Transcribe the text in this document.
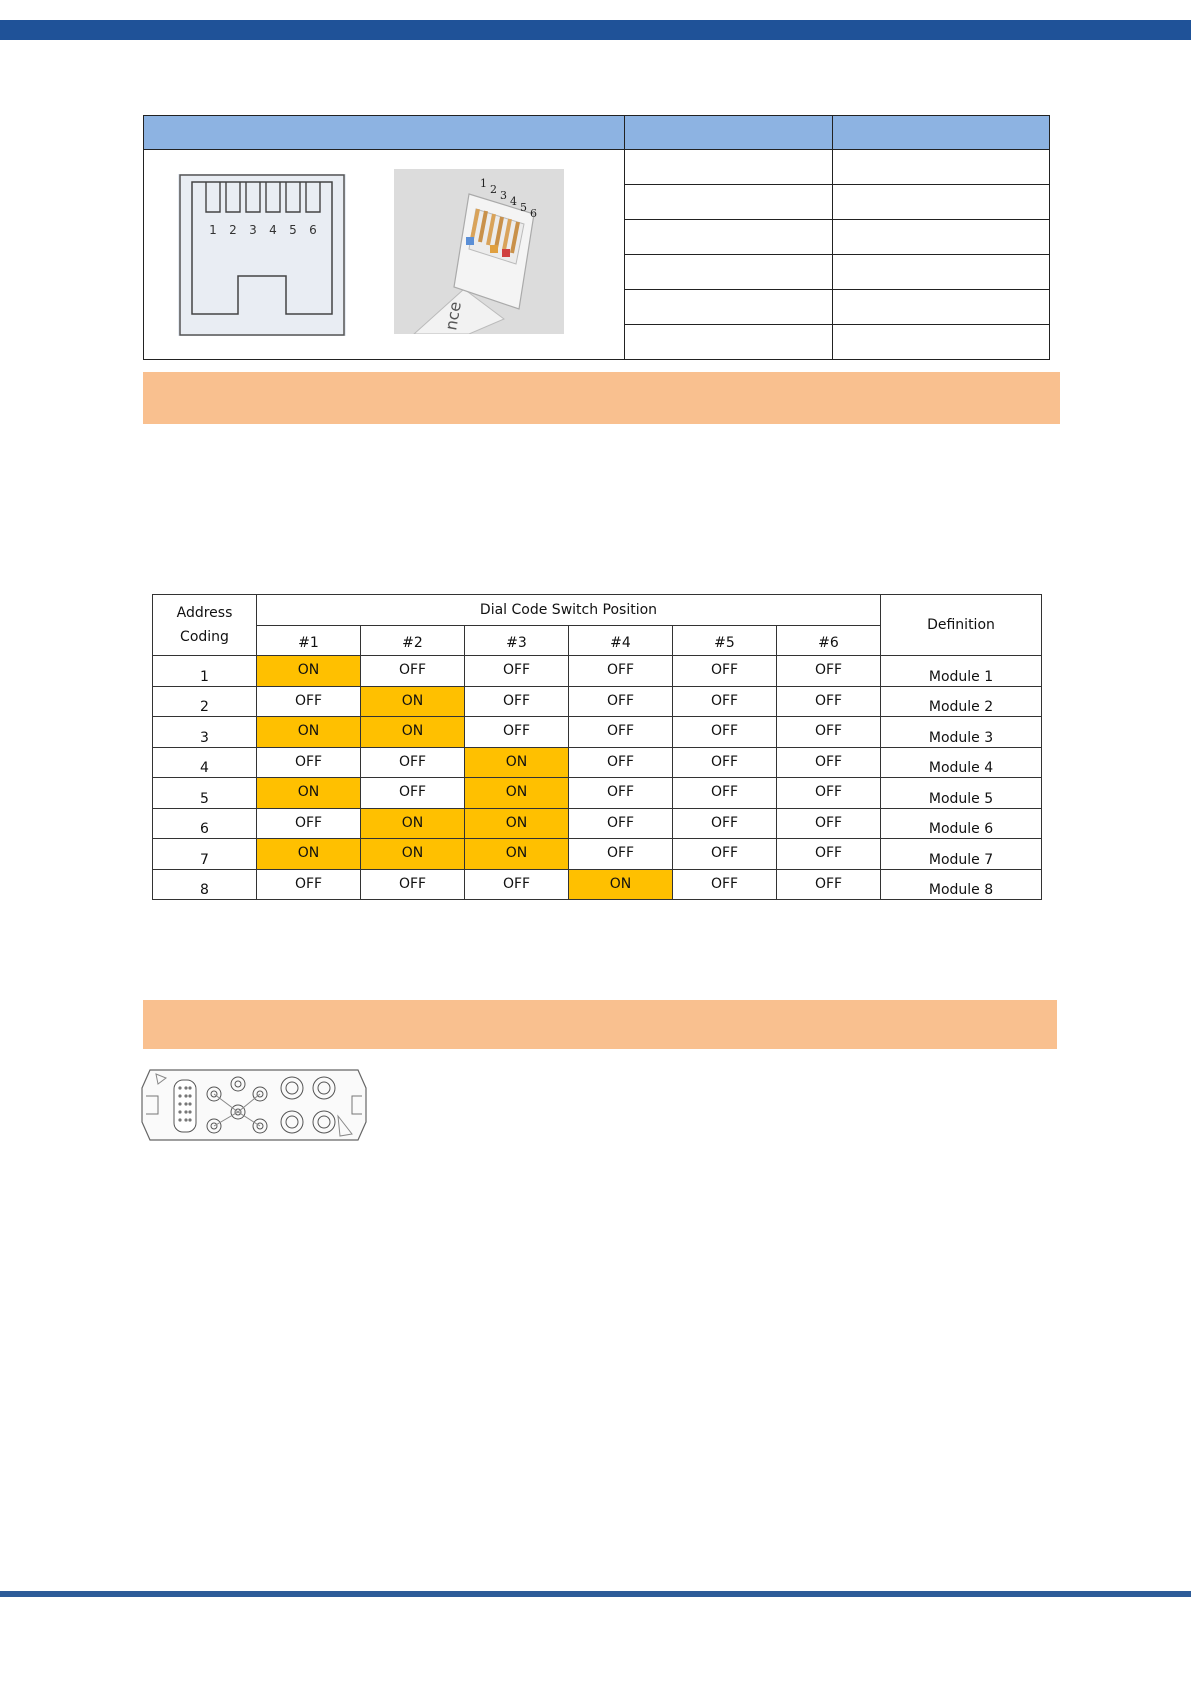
1 2 3 4 5 6
1 2 3 4 5 6
nce
Address Coding	Dial Code Switch Position						Definition
	#1	#2	#3	#4	#5	#6	
1	ON	OFF	OFF	OFF	OFF	OFF	Module 1
2	OFF	ON	OFF	OFF	OFF	OFF	Module 2
3	ON	ON	OFF	OFF	OFF	OFF	Module 3
4	OFF	OFF	ON	OFF	OFF	OFF	Module 4
5	ON	OFF	ON	OFF	OFF	OFF	Module 5
6	OFF	ON	ON	OFF	OFF	OFF	Module 6
7	ON	ON	ON	OFF	OFF	OFF	Module 7
8	OFF	OFF	OFF	ON	OFF	OFF	Module 8
